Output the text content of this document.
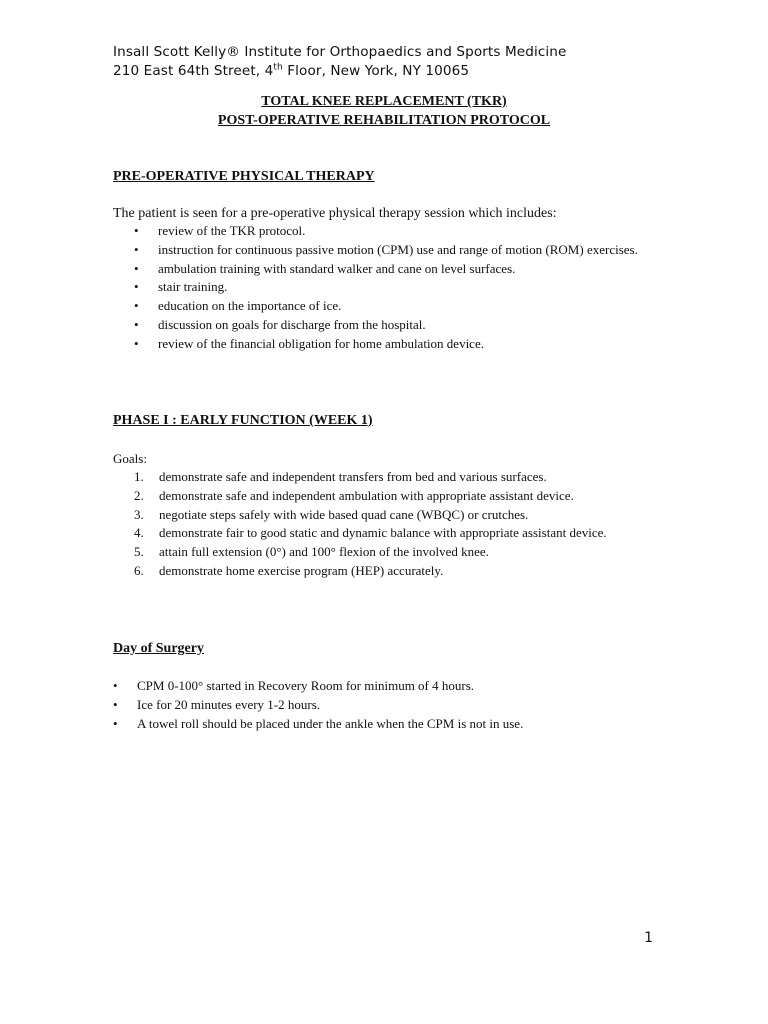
Insall Scott Kelly® Institute for Orthopaedics and Sports Medicine
210 East 64th Street, 4th Floor, New York, NY 10065
TOTAL KNEE REPLACEMENT (TKR)
POST-OPERATIVE REHABILITATION PROTOCOL
PRE-OPERATIVE PHYSICAL THERAPY
The patient is seen for a pre-operative physical therapy session which includes:
• review of the TKR protocol.
• instruction for continuous passive motion (CPM) use and range of motion (ROM) exercises.
• ambulation training with standard walker and cane on level surfaces.
• stair training.
• education on the importance of ice.
• discussion on goals for discharge from the hospital.
• review of the financial obligation for home ambulation device.
PHASE I : EARLY FUNCTION (WEEK 1)
Goals:
1.	demonstrate safe and independent transfers from bed and various surfaces.
2.	demonstrate safe and independent ambulation with appropriate assistant device.
3.	negotiate steps safely with wide based quad cane (WBQC) or crutches.
4.	demonstrate fair to good static and dynamic balance with appropriate assistant device.
5.	attain full extension (0°) and 100° flexion of the involved knee.
6.	demonstrate home exercise program (HEP) accurately.
Day of Surgery
• CPM 0-100° started in Recovery Room for minimum of 4 hours.
• Ice for 20 minutes every 1-2 hours.
• A towel roll should be placed under the ankle when the CPM is not in use.
1
